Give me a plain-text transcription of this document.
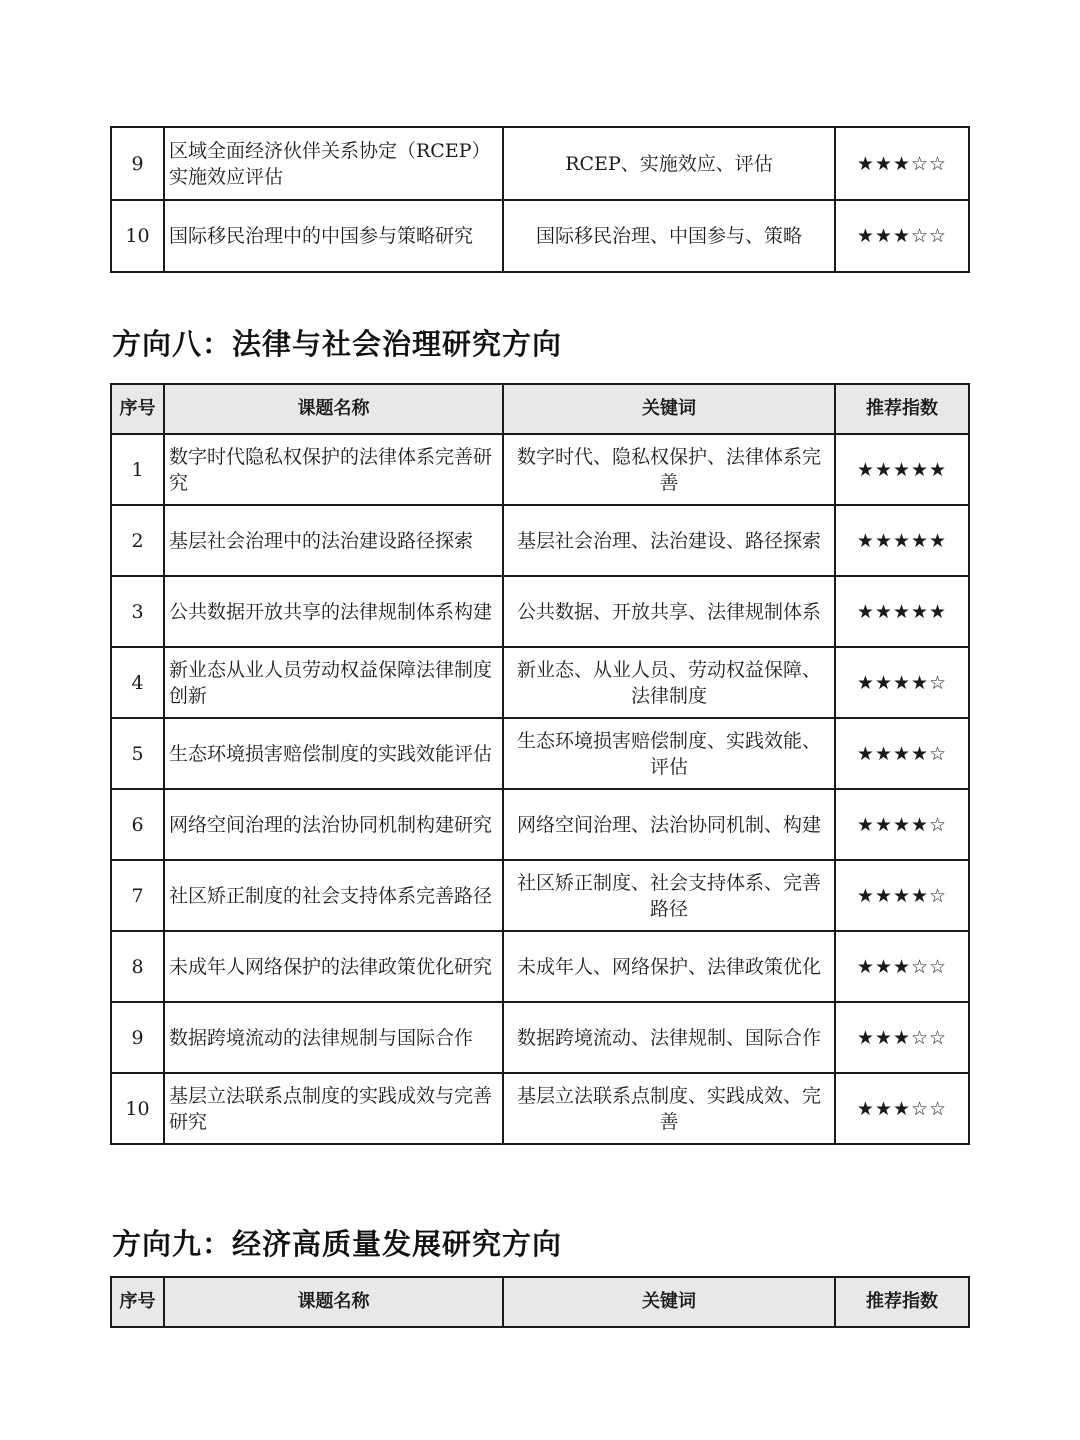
9	区域全面经济伙伴关系协定（RCEP）实施效应评估	RCEP、实施效应、评估	★★★☆☆
10	国际移民治理中的中国参与策略研究	国际移民治理、中国参与、策略	★★★☆☆
方向八：法律与社会治理研究方向
序号	课题名称	关键词	推荐指数
1	数字时代隐私权保护的法律体系完善研究	数字时代、隐私权保护、法律体系完善	★★★★★
2	基层社会治理中的法治建设路径探索	基层社会治理、法治建设、路径探索	★★★★★
3	公共数据开放共享的法律规制体系构建	公共数据、开放共享、法律规制体系	★★★★★
4	新业态从业人员劳动权益保障法律制度创新	新业态、从业人员、劳动权益保障、法律制度	★★★★☆
5	生态环境损害赔偿制度的实践效能评估	生态环境损害赔偿制度、实践效能、评估	★★★★☆
6	网络空间治理的法治协同机制构建研究	网络空间治理、法治协同机制、构建	★★★★☆
7	社区矫正制度的社会支持体系完善路径	社区矫正制度、社会支持体系、完善路径	★★★★☆
8	未成年人网络保护的法律政策优化研究	未成年人、网络保护、法律政策优化	★★★☆☆
9	数据跨境流动的法律规制与国际合作	数据跨境流动、法律规制、国际合作	★★★☆☆
10	基层立法联系点制度的实践成效与完善研究	基层立法联系点制度、实践成效、完善	★★★☆☆
方向九：经济高质量发展研究方向
序号	课题名称	关键词	推荐指数
